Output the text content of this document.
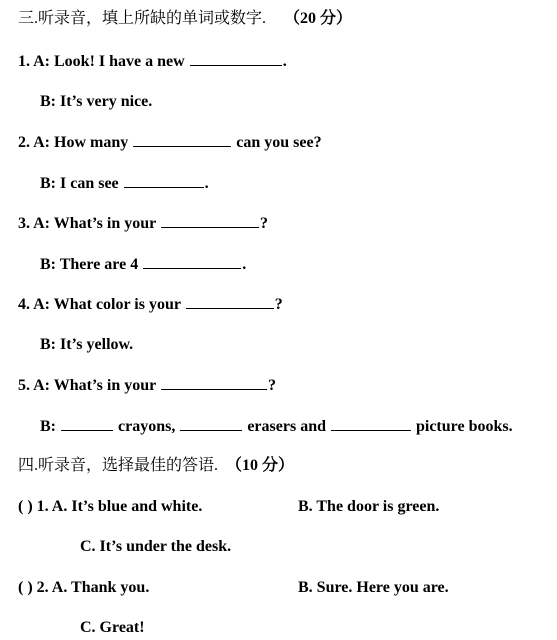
三.听录音，填上所缺的单词或数字. （20 分）
1. A: Look! I have a new	.
B: It’s very nice.
2. A: How many	can you see?
B: I can see	.
3. A: What’s in your	?
B: There are 4	.
4. A: What color is your	?
B: It’s yellow.
5. A: What’s in your	?
B:	crayons,	erasers and	picture books.
四.听录音，选择最佳的答语. （10 分）
( ) 1. A. It’s blue and white.	B. The door is green.
C. It’s under the desk.
( ) 2. A. Thank you.	B. Sure. Here you are.
C. Great!
